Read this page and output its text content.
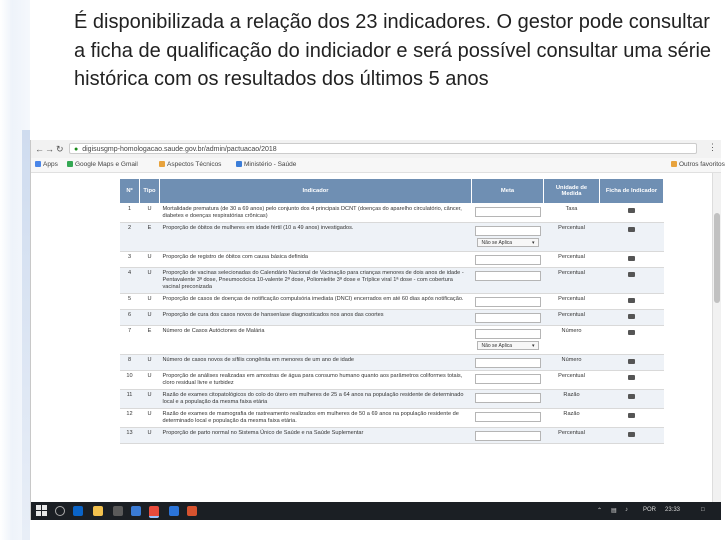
É disponibilizada a relação dos 23 indicadores. O gestor pode consultar a ficha de qualificação do indiciador e será possível consultar uma série histórica com os resultados dos últimos 5 anos
← → ↻	● digisusgmp-homologacao.saude.gov.br/admin/pactuacao/2018	⋮
Apps	Google Maps e Gmail	Aspectos Técnicos	Ministério - Saúde	Outros favoritos
Nº	Tipo	Indicador	Meta	Unidade de Medida	Ficha de Indicador
1	U	Mortalidade prematura (de 30 a 69 anos) pelo conjunto dos 4 principais DCNT (doenças do aparelho circulatório, câncer, diabetes e doenças respiratórias crônicas)		Taxa	
2	E	Proporção de óbitos de mulheres em idade fértil (10 a 49 anos) investigados.	Não se Aplica ▾	Percentual	
3	U	Proporção de registro de óbitos com causa básica definida		Percentual	
4	U	Proporção de vacinas selecionadas do Calendário Nacional de Vacinação para crianças menores de dois anos de idade - Pentavalente 3ª dose, Pneumocócica 10-valente 2ª dose, Poliomielite 3ª dose e Tríplice viral 1ª dose - com cobertura vacinal preconizada		Percentual	
5	U	Proporção de casos de doenças de notificação compulsória imediata (DNCI) encerrados em até 60 dias após notificação.		Percentual	
6	U	Proporção de cura dos casos novos de hanseníase diagnosticados nos anos das coortes		Percentual	
7	E	Número de Casos Autóctones de Malária	Não se Aplica ▾	Número	
8	U	Número de casos novos de sífilis congênita em menores de um ano de idade		Número	
10	U	Proporção de análises realizadas em amostras de água para consumo humano quanto aos parâmetros coliformes totais, cloro residual livre e turbidez		Percentual	
11	U	Razão de exames citopatológicos do colo do útero em mulheres de 25 a 64 anos na população residente de determinado local e a população da mesma faixa etária		Razão	
12	U	Razão de exames de mamografia de rastreamento realizados em mulheres de 50 a 69 anos na população residente de determinado local e população da mesma faixa etária.		Razão	
13	U	Proporção de parto normal no Sistema Único de Saúde e na Saúde Suplementar		Percentual	
⌃ ▤ ♪	POR 23:33	□
